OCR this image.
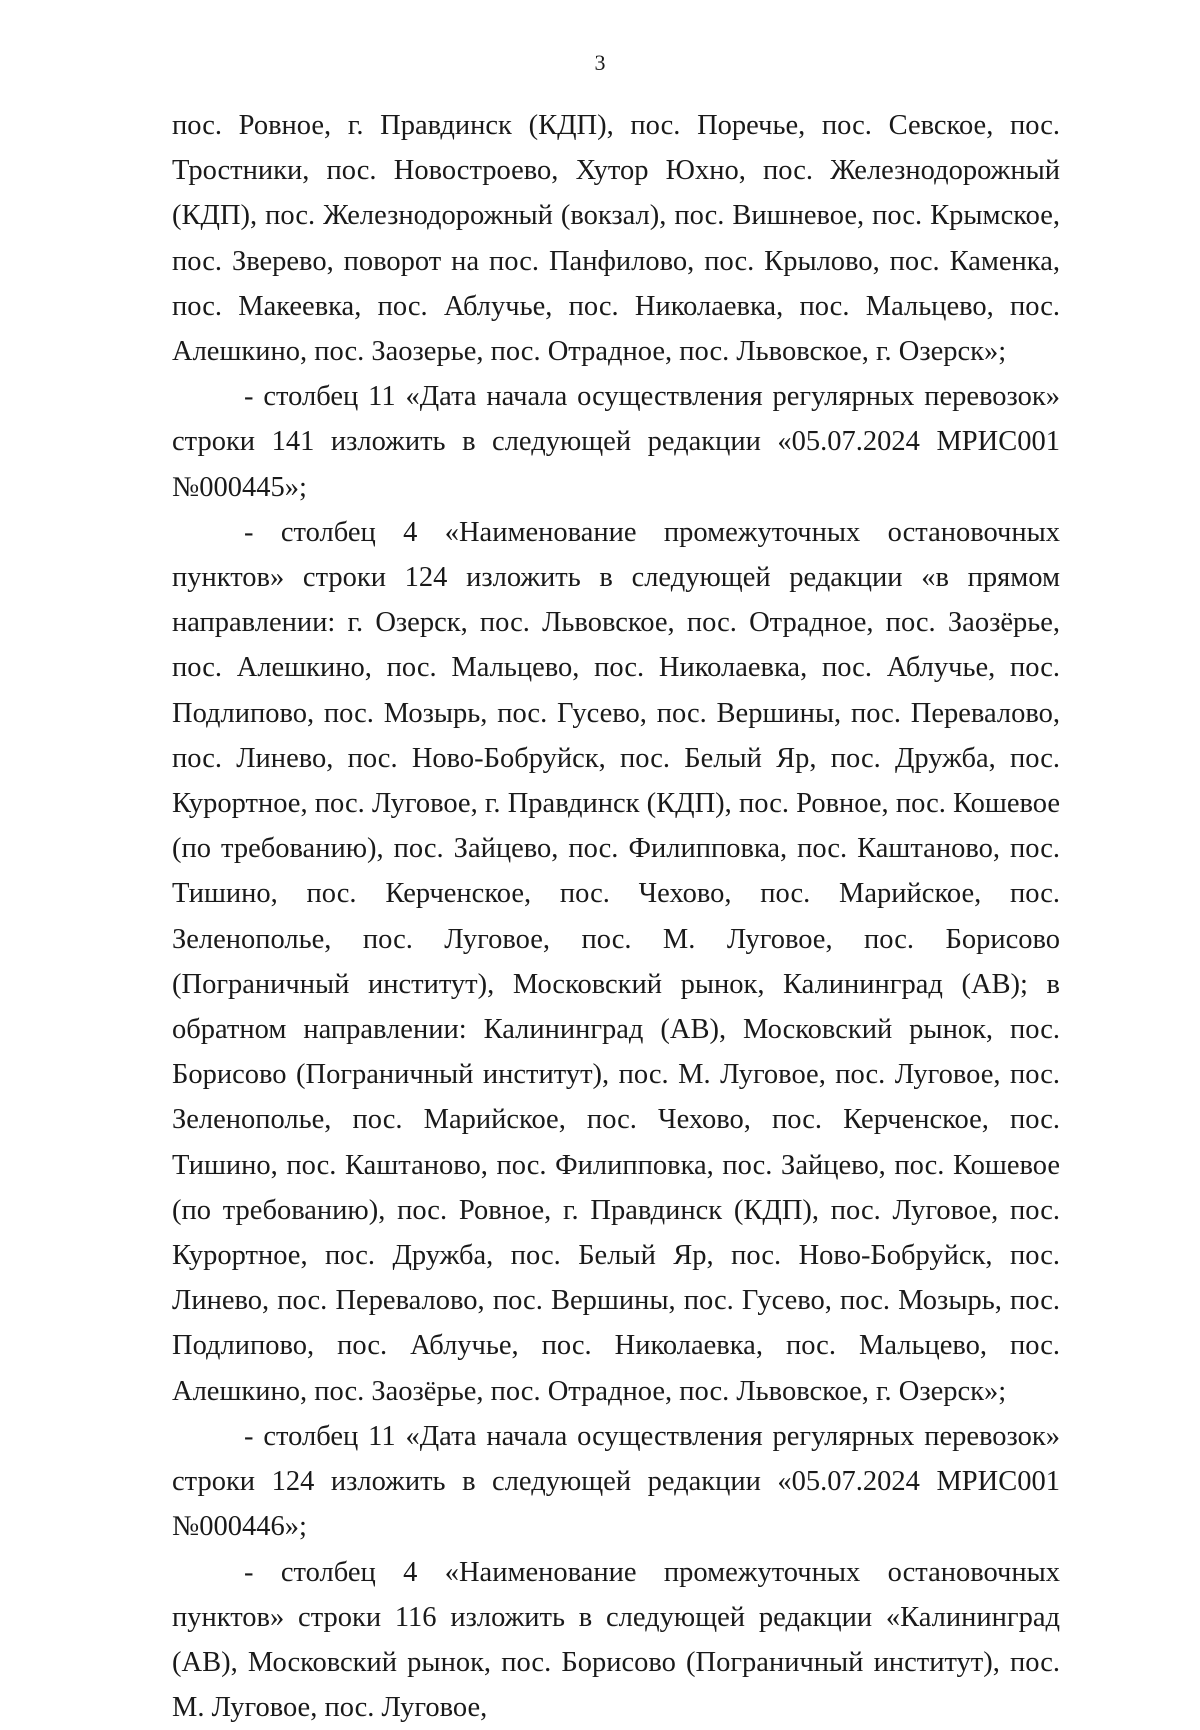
3

пос. Ровное, г. Правдинск (КДП), пос. Поречье, пос. Севское, пос. Тростники, пос. Новостроево, Хутор Юхно, пос. Железнодорожный (КДП), пос. Железнодорожный (вокзал), пос. Вишневое, пос. Крымское, пос. Зверево, поворот на пос. Панфилово, пос. Крылово, пос. Каменка, пос. Макеевка, пос. Аблучье, пос. Николаевка, пос. Мальцево, пос. Алешкино, пос. Заозерье, пос. Отрадное, пос. Львовское, г. Озерск»;

- столбец 11 «Дата начала осуществления регулярных перевозок» строки 141 изложить в следующей редакции «05.07.2024 МРИС001 №000445»;

- столбец 4 «Наименование промежуточных остановочных пунктов» строки 124 изложить в следующей редакции «в прямом направлении: г. Озерск, пос. Львовское, пос. Отрадное, пос. Заозёрье, пос. Алешкино, пос. Мальцево, пос. Николаевка, пос. Аблучье, пос. Подлипово, пос. Мозырь, пос. Гусево, пос. Вершины, пос. Перевалово, пос. Линево, пос. Ново-Бобруйск, пос. Белый Яр, пос. Дружба, пос. Курортное, пос. Луговое, г. Правдинск (КДП), пос. Ровное, пос. Кошевое (по требованию), пос. Зайцево, пос. Филипповка, пос. Каштаново, пос. Тишино, пос. Керченское, пос. Чехово, пос. Марийское, пос. Зеленополье, пос. Луговое, пос. М. Луговое, пос. Борисово (Пограничный институт), Московский рынок, Калининград (АВ); в обратном направлении: Калининград (АВ), Московский рынок, пос. Борисово (Пограничный институт), пос. М. Луговое, пос. Луговое, пос. Зеленополье, пос. Марийское, пос. Чехово, пос. Керченское, пос. Тишино, пос. Каштаново, пос. Филипповка, пос. Зайцево, пос. Кошевое (по требованию), пос. Ровное, г. Правдинск (КДП), пос. Луговое, пос. Курортное, пос. Дружба, пос. Белый Яр, пос. Ново-Бобруйск, пос. Линево, пос. Перевалово, пос. Вершины, пос. Гусево, пос. Мозырь, пос. Подлипово, пос. Аблучье, пос. Николаевка, пос. Мальцево, пос. Алешкино, пос. Заозёрье, пос. Отрадное, пос. Львовское, г. Озерск»;

- столбец 11 «Дата начала осуществления регулярных перевозок» строки 124 изложить в следующей редакции «05.07.2024 МРИС001 №000446»;

- столбец 4 «Наименование промежуточных остановочных пунктов» строки 116 изложить в следующей редакции «Калининград (АВ), Московский рынок, пос. Борисово (Пограничный институт), пос. М. Луговое, пос. Луговое,
